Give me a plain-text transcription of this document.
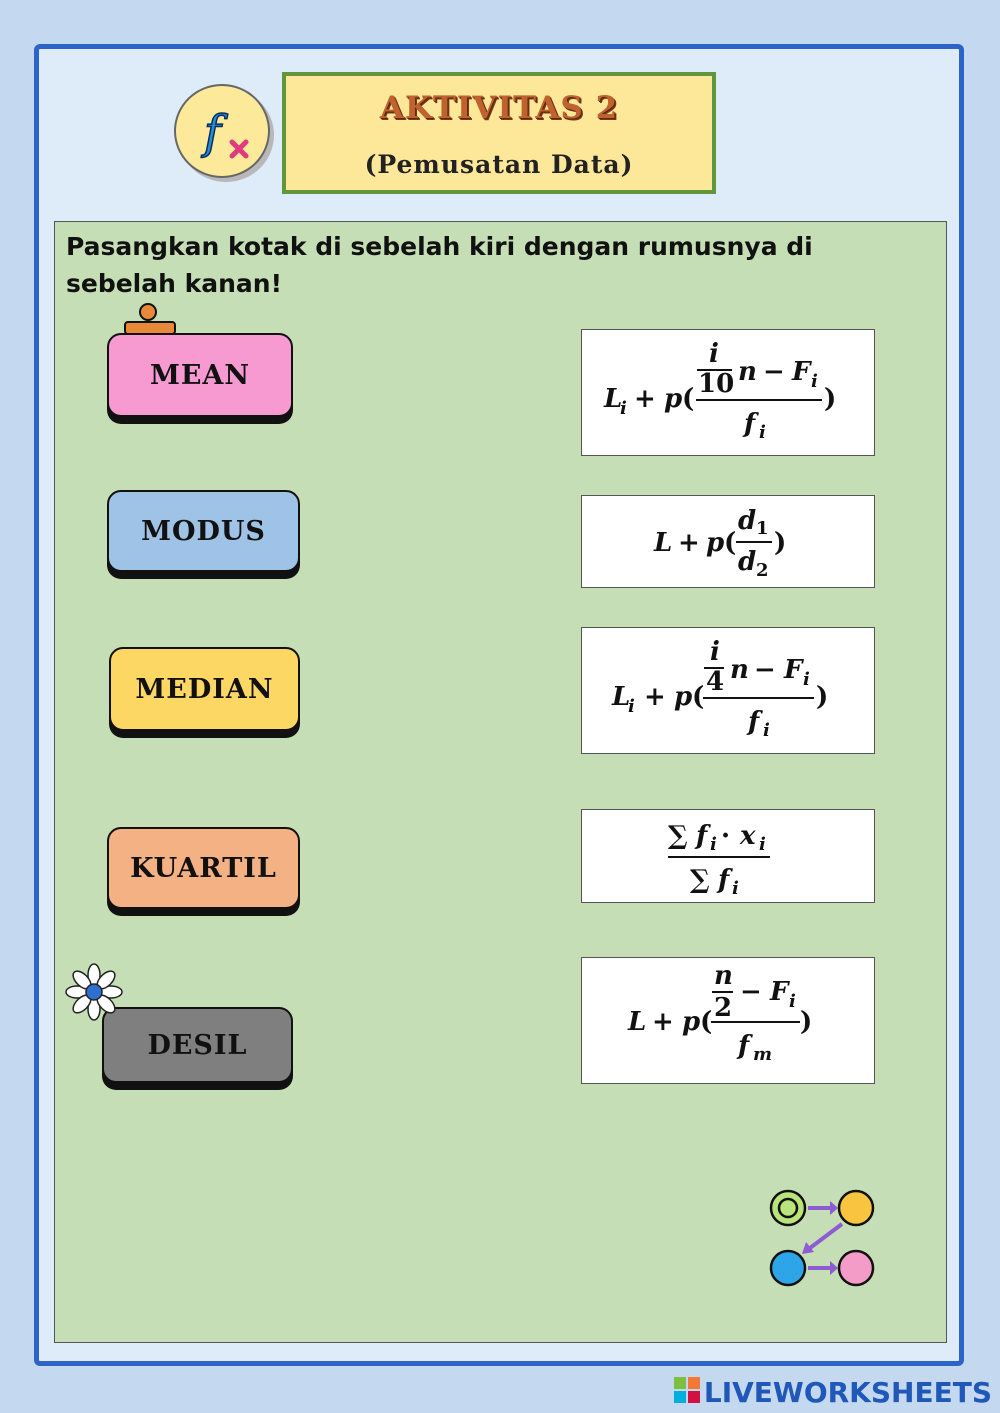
f	AKTIVITAS 2
(Pemusatan Data)
Pasangkan kotak di sebelah kiri dengan rumusnya di sebelah kanan!
MEAN
MODUS
MEDIAN
KUARTIL
DESIL
L
i + p (
i
10 n − F i
f i
)
L + p (
d 1
d 2
)
L
i + p (
i
4 n − F i
f i
)
∑ f i · x i
∑ f i
L + p (
n
2
− F i
f m
)
LIVEWORKSHEETS
